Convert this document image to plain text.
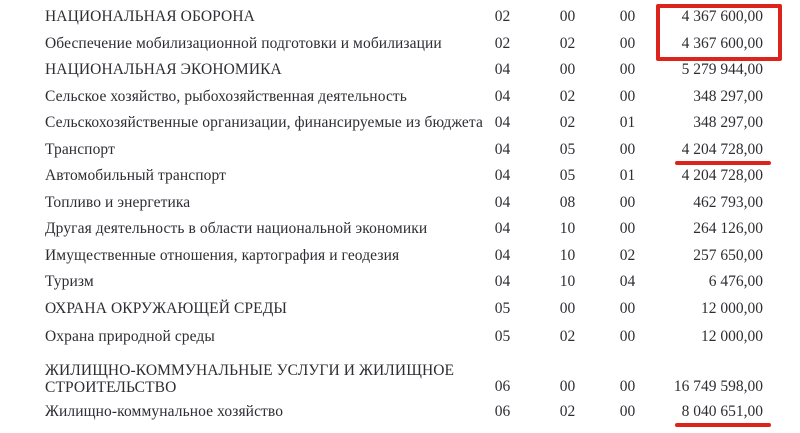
НАЦИОНАЛЬНАЯ ОБОРОНА	02	00	00	4 367 600,00
Обеспечение мобилизационной подготовки и мобилизации	02	02	00	4 367 600,00
НАЦИОНАЛЬНАЯ ЭКОНОМИКА	04	00	00	5 279 944,00
Сельское хозяйство, рыбохозяйственная деятельность	04	02	00	348 297,00
Сельскохозяйственные организации, финансируемые из бюджета 04	02	01	348 297,00
Транспорт	04	05	00	4 204 728,00
Автомобильный транспорт	04	05	01	4 204 728,00
Топливо и энергетика	04	08	00	462 793,00
Другая деятельность в области национальной экономики	04	10	00	264 126,00
Имущественные отношения, картография и геодезия	04	10	02	257 650,00
Туризм	04	10	04	6 476,00
ОХРАНА ОКРУЖАЮЩЕЙ СРЕДЫ	05	00	00	12 000,00
Охрана природной среды	05	02	00	12 000,00
ЖИЛИЩНО-КОММУНАЛЬНЫЕ УСЛУГИ И ЖИЛИЩНОЕ СТРОИТЕЛЬСТВО	06	00	00	16 749 598,00
Жилищно-коммунальное хозяйство	06	02	00	8 040 651,00
